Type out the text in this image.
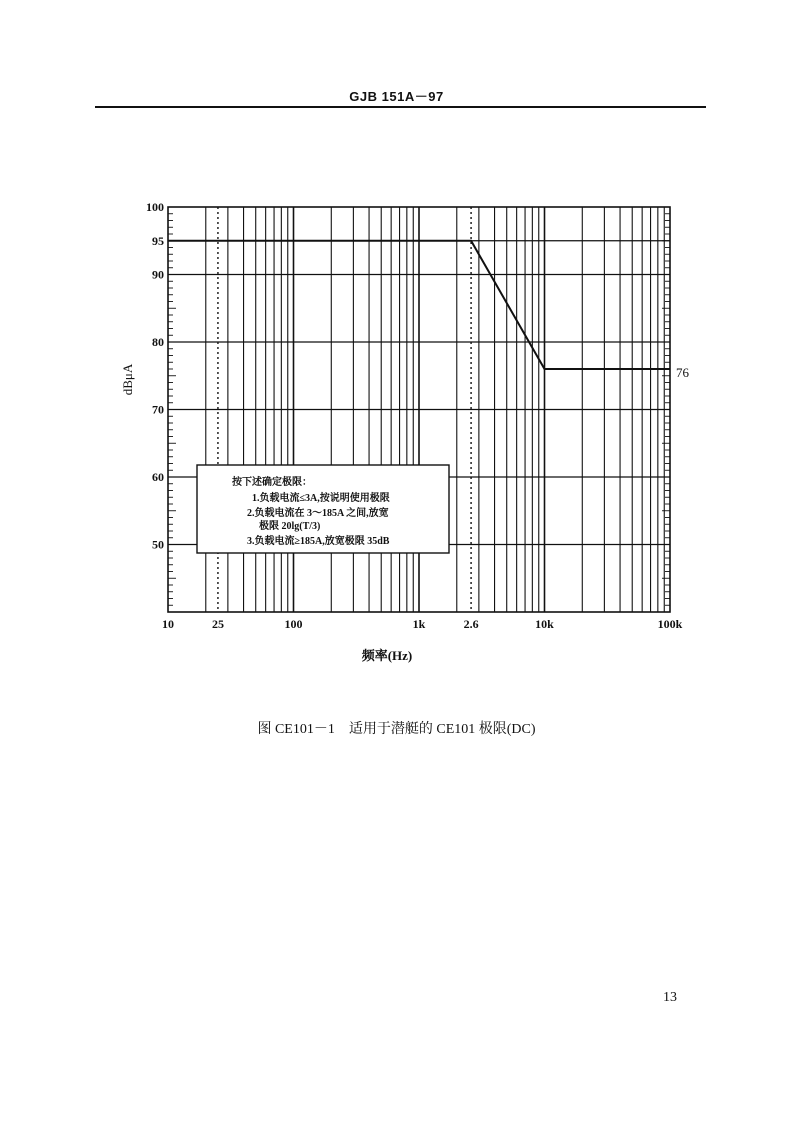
GJB 151A－97
50
60
70
80
90
95
100
10	25	100	1k	2.6	10k	100k
76
dBμA
频率(Hz)
按下述确定极限：
1.负载电流≤3A,按说明使用极限
2.负载电流在 3～185A 之间,放宽
极限 20lg(T/3)
3.负载电流≥185A,放宽极限 35dB
图 CE101－1　适用于潜艇的 CE101 极限(DC)
13
